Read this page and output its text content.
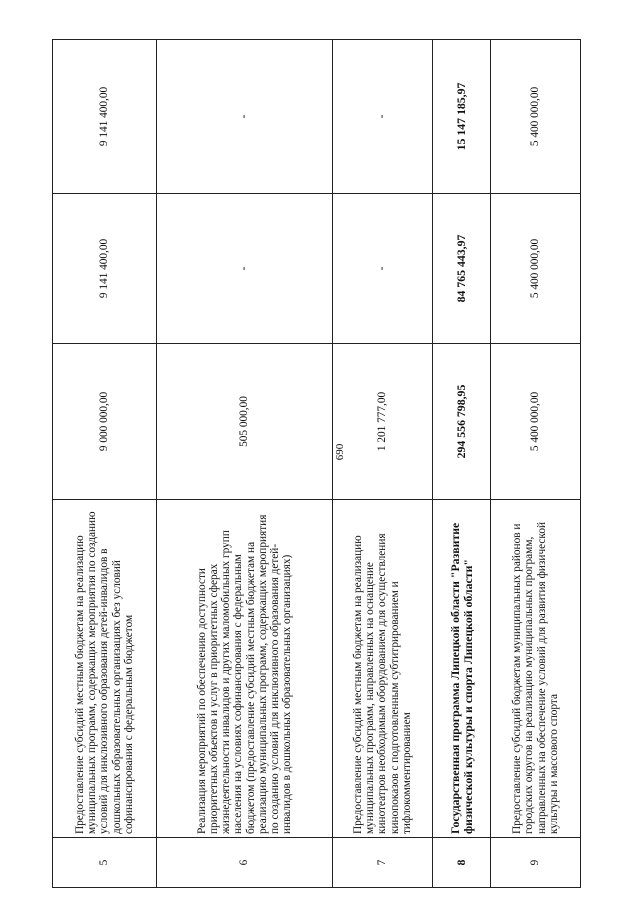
690
5	Предоставление субсидий местным бюджетам на реализацию муниципальных программ, содержащих мероприятия по созданию условий для инклюзивного образования детей-инвалидов в дошкольных образовательных организациях без условий софинансирования с федеральным бюджетом	9 000 000,00	9 141 400,00	9 141 400,00
6	Реализация мероприятий по обеспечению доступности приоритетных объектов и услуг в приоритетных сферах жизнедеятельности инвалидов и других маломобильных групп населения на условиях софинансирования с федеральным бюджетом (предоставление субсидий местным бюджетам на реализацию муниципальных программ, содержащих мероприятия по созданию условий для инклюзивного образования детей-инвалидов в дошкольных образовательных организациях)	505 000,00	-	-
7	Предоставление субсидий местным бюджетам на реализацию муниципальных программ, направленных на оснащение кинотеатров необходимым оборудованием для осуществления кинопоказов с подготовленным субтитрированием и тифлокомментированием	1 201 777,00	-	-
8	Государственная программа Липецкой области "Развитие физической культуры и спорта Липецкой области"	294 556 798,95	84 765 443,97	15 147 185,97
9	Предоставление субсидий бюджетам муниципальных районов и городских округов на реализацию муниципальных программ, направленных на обеспечение условий для развития физической культуры и массового спорта	5 400 000,00	5 400 000,00	5 400 000,00
